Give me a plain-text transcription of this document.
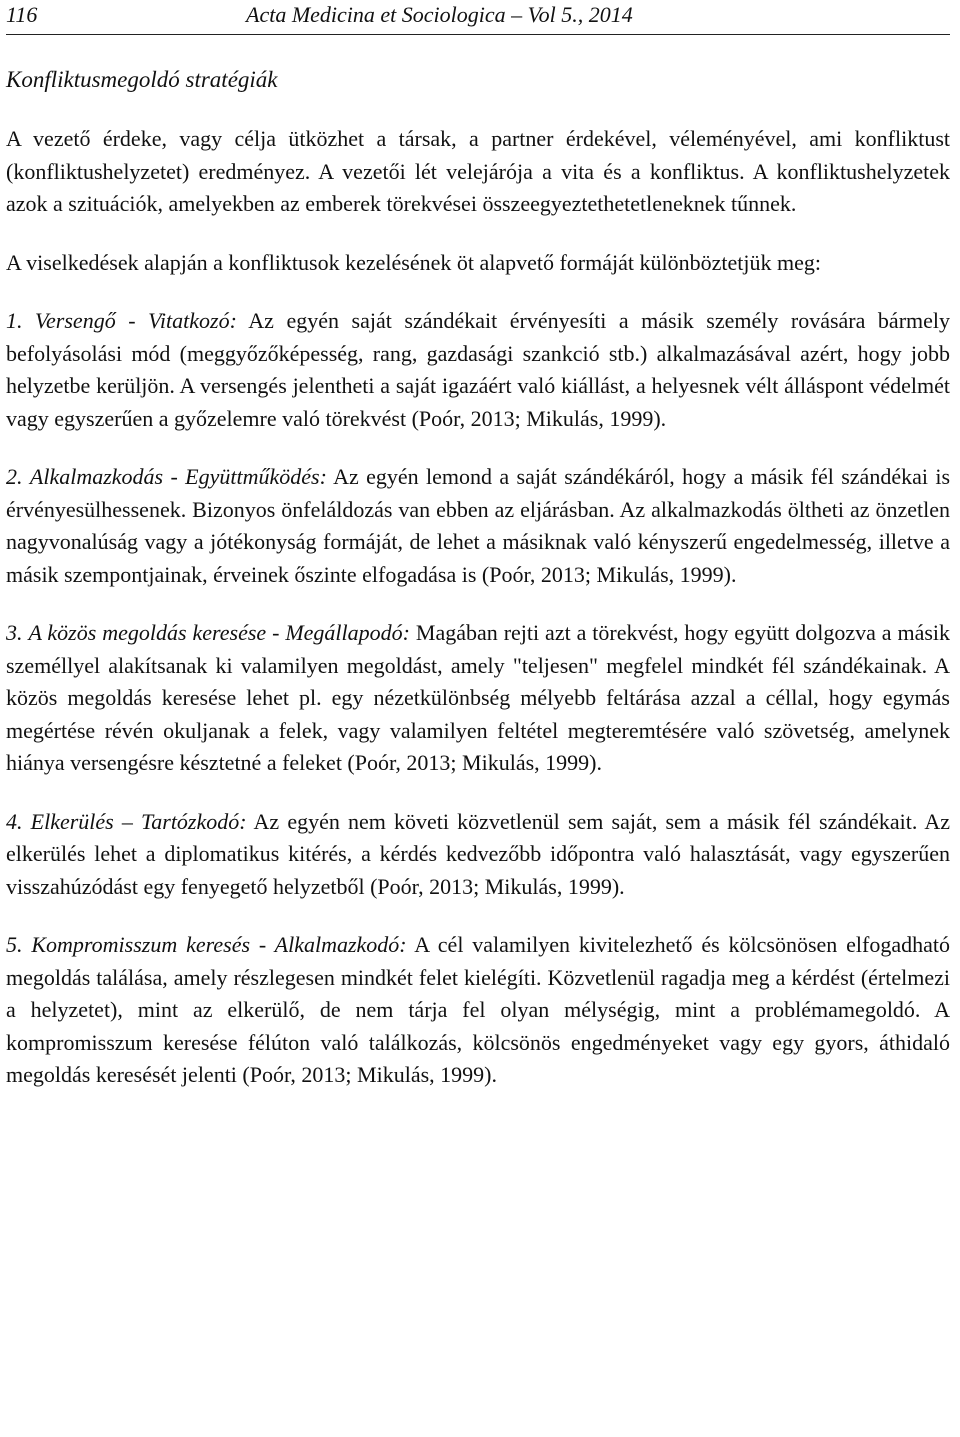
116	Acta Medicina et Sociologica – Vol 5., 2014
Konfliktusmegoldó stratégiák

A vezető érdeke, vagy célja ütközhet a társak, a partner érdekével, véleményével, ami konfliktust (konfliktushelyzetet) eredményez. A vezetői lét velejárója a vita és a konfliktus. A konfliktushelyzetek azok a szituációk, amelyekben az emberek törekvései összeegyeztethetetleneknek tűnnek.

A viselkedések alapján a konfliktusok kezelésének öt alapvető formáját különböztetjük meg:

1. Versengő - Vitatkozó: Az egyén saját szándékait érvényesíti a másik személy rovására bármely befolyásolási mód (meggyőzőképesség, rang, gazdasági szankció stb.) alkalmazásával azért, hogy jobb helyzetbe kerüljön. A versengés jelentheti a saját igazáért való kiállást, a helyesnek vélt álláspont védelmét vagy egyszerűen a győzelemre való törekvést (Poór, 2013; Mikulás, 1999).

2. Alkalmazkodás - Együttműködés: Az egyén lemond a saját szándékáról, hogy a másik fél szándékai is érvényesülhessenek. Bizonyos önfeláldozás van ebben az eljárásban. Az alkalmazkodás öltheti az önzetlen nagyvonalúság vagy a jótékonyság formáját, de lehet a másiknak való kényszerű engedelmesség, illetve a másik szempontjainak, érveinek őszinte elfogadása is (Poór, 2013; Mikulás, 1999).

3. A közös megoldás keresése - Megállapodó: Magában rejti azt a törekvést, hogy együtt dolgozva a másik személlyel alakítsanak ki valamilyen megoldást, amely "teljesen" megfelel mindkét fél szándékainak. A közös megoldás keresése lehet pl. egy nézetkülönbség mélyebb feltárása azzal a céllal, hogy egymás megértése révén okuljanak a felek, vagy valamilyen feltétel megteremtésére való szövetség, amelynek hiánya versengésre késztetné a feleket (Poór, 2013; Mikulás, 1999).

4. Elkerülés – Tartózkodó: Az egyén nem követi közvetlenül sem saját, sem a másik fél szándékait. Az elkerülés lehet a diplomatikus kitérés, a kérdés kedvezőbb időpontra való halasztását, vagy egyszerűen visszahúzódást egy fenyegető helyzetből (Poór, 2013; Mikulás, 1999).

5. Kompromisszum keresés - Alkalmazkodó: A cél valamilyen kivitelezhető és kölcsönösen elfogadható megoldás találása, amely részlegesen mindkét felet kielégíti. Közvetlenül ragadja meg a kérdést (értelmezi a helyzetet), mint az elkerülő, de nem tárja fel olyan mélységig, mint a problémamegoldó. A kompromisszum keresése félúton való találkozás, kölcsönös engedményeket vagy egy gyors, áthidaló megoldás keresését jelenti (Poór, 2013; Mikulás, 1999).
